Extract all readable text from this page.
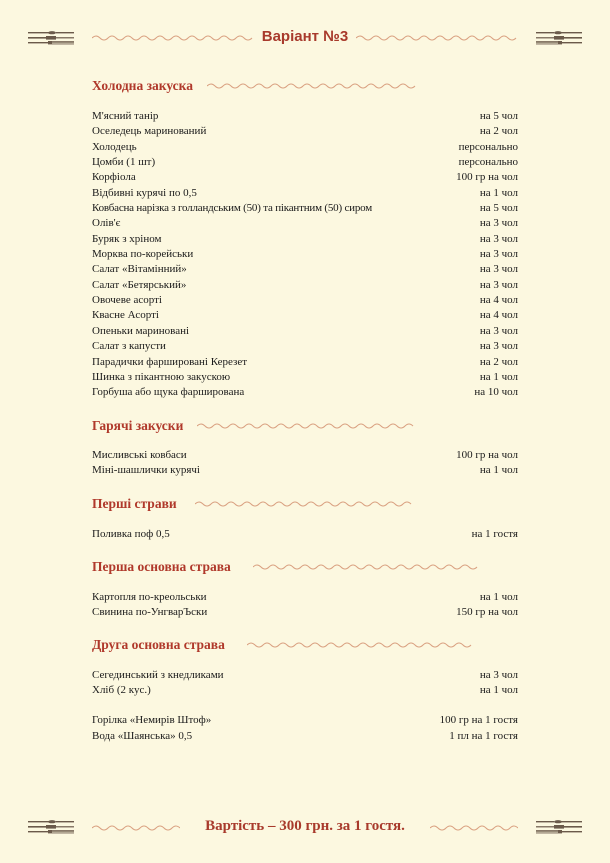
Варіант №3
Холодна закуска
М'ясний танір	на 5 чол
Оселедець маринований	на 2 чол
Холодець	персонально
Цомби (1 шт)	персонально
Корфіола	100 гр на чол
Відбивні курячі по 0,5	на 1 чол
Ковбасна нарізка з голландським (50) та пікантним (50) сиром	на 5 чол
Олів'є	на 3 чол
Буряк з хріном	на 3 чол
Морква по-корейськи	на 3 чол
Салат «Вітамінний»	на 3 чол
Салат «Бетярський»	на 3 чол
Овочеве асорті	на 4 чол
Квасне Асорті	на 4 чол
Опеньки мариновані	на 3 чол
Салат з капусти	на 3 чол
Парадички фаршировані Керезет	на 2 чол
Шинка з пікантною закускою	на 1 чол
Горбуша або щука фарширована	на 10 чол
Гарячі закуски
Мисливські ковбаси	100 гр на чол
Міні-шашлички курячі	на 1 чол
Перші страви
Поливка поф 0,5	на 1 гостя
Перша основна страва
Картопля по-креольськи	на 1 чол
Свинина по-УнгварЪски	150 гр на чол
Друга основна страва
Сегединський з кнедликами	на 3 чол
Хліб (2 кус.)	на 1 чол
Горілка «Немирів Штоф»	100 гр на 1 гостя
Вода «Шаянська» 0,5	1 пл на 1 гостя
Вартість – 300 грн. за 1 гостя.
